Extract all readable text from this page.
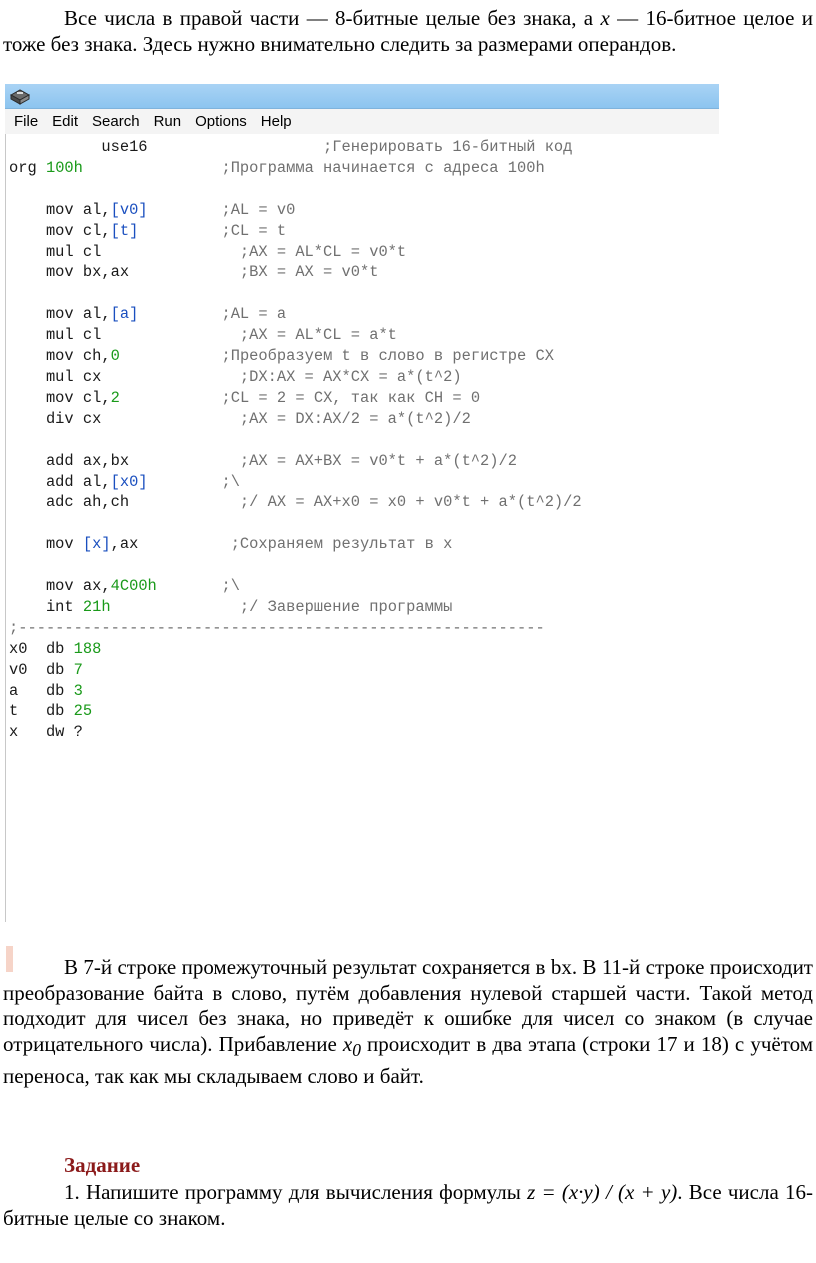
Все числа в правой части — 8-битные целые без знака, а x — 16-битное целое и тоже без знака. Здесь нужно внимательно следить за размерами операндов.

File Edit Search Run Options Help
use16                   ;Генерировать 16-битный код
org 100h	;Программа начинается с адреса 100h

mov al,[v0]	;AL = v0
mov cl,[t]	;CL = t
mul cl               ;AX = AL*CL = v0*t
mov bx,ax            ;BX = AX = v0*t

mov al,[a]	;AL = a
mul cl               ;AX = AL*CL = a*t
mov ch,0	;Преобразуем t в слово в регистре CX
mul cx               ;DX:AX = AX*CX = a*(t^2)
mov cl,2	;CL = 2 = CX, так как CH = 0
div cx               ;AX = DX:AX/2 = a*(t^2)/2

add ax,bx            ;AX = AX+BX = v0*t + a*(t^2)/2
add al,[x0]	;\
adc ah,ch            ;/ AX = AX+x0 = x0 + v0*t + a*(t^2)/2

mov [x],ax          ;Сохраняем результат в x

mov ax,4C00h	;\
int 21h	;/ Завершение программы
;---------------------------------------------------------
x0  db 188
v0  db 7
a   db 3
t   db 25
x   dw ?

В 7-й строке промежуточный результат сохраняется в bx. В 11-й строке происходит преобразование байта в слово, путём добавления нулевой старшей части. Такой метод подходит для чисел без знака, но приведёт к ошибке для чисел со знаком (в случае отрицательного числа). Прибавление $x_0$ происходит в два этапа (строки 17 и 18) с учётом переноса, так как мы складываем слово и байт.

Задание

1. Напишите программу для вычисления формулы z = (x·y) / (x + y). Все числа 16-битные целые со знаком.
